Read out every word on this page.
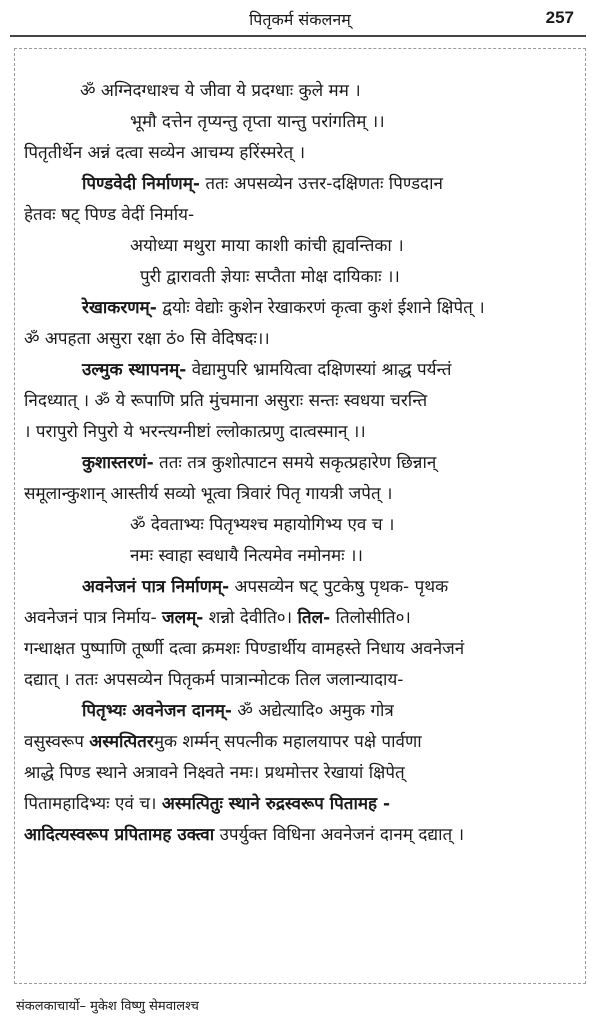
पितृकर्म संकलनम्	257

ॐ अग्निदग्धाश्च ये जीवा ये प्रदग्धाः कुले मम ।

भूमौ दत्तेन तृप्यन्तु तृप्ता यान्तु परांगतिम् ।।

पितृतीर्थेन अन्नं दत्वा सव्येन आचम्य हरिंस्मरेत् ।

पिण्डवेदी निर्माणम्- ततः अपसव्येन उत्तर-दक्षिणतः पिण्डदान

हेतवः षट् पिण्ड वेदीं निर्माय-

अयोध्या मथुरा माया काशी कांची ह्यवन्तिका ।

पुरी द्वारावती ज्ञेयाः सप्तैता मोक्ष दायिकाः ।।

रेखाकरणम्- द्वयोः वेद्योः कुशेन रेखाकरणं कृत्वा कुशं ईशाने क्षिपेत् ।

ॐ अपहता असुरा रक्षा ठं० सि वेदिषदः।।

उल्मुक स्थापनम्- वेद्यामुपरि भ्रामयित्वा दक्षिणस्यां श्राद्ध पर्यन्तं

निदध्यात् । ॐ ये रूपाणि प्रति मुंचमाना असुराः सन्तः स्वधया चरन्ति

। परापुरो निपुरो ये भरन्त्यग्नीष्टां ल्लोकात्प्रणु दात्वस्मान् ।।

कुशास्तरणं- ततः तत्र कुशोत्पाटन समये सकृत्प्रहारेण छिन्नान्

समूलान्कुशान् आस्तीर्य सव्यो भूत्वा त्रिवारं पितृ गायत्री जपेत् ।

ॐ देवताभ्यः पितृभ्यश्च महायोगिभ्य एव च ।

नमः स्वाहा स्वधायै नित्यमेव नमोनमः ।।

अवनेजनं पात्र निर्माणम्- अपसव्येन षट् पुटकेषु पृथक- पृथक

अवनेजनं पात्र निर्माय- जलम्- शन्नो देवीति०। तिल- तिलोसीति०।

गन्धाक्षत पुष्पाणि तूर्ष्णी दत्वा क्रमशः पिण्डार्थीय वामहस्ते निधाय अवनेजनं

दद्यात् । ततः अपसव्येन पितृकर्म पात्रान्मोटक तिल जलान्यादाय-

पितृभ्यः अवनेजन दानम्- ॐ अद्येत्यादि० अमुक गोत्र

वसुस्वरूप अस्मत्पितरमुक शर्म्मन् सपत्नीक महालयापर पक्षे पार्वणा

श्राद्धे पिण्ड स्थाने अत्रावने निक्ष्वते नमः। प्रथमोत्तर रेखायां क्षिपेत्

पितामहादिभ्यः एवं च। अस्मत्पितुः स्थाने रुद्रस्वरूप पितामह -

आदित्यस्वरूप प्रपितामह उक्त्वा उपर्युक्त विधिना अवनेजनं दानम् दद्यात् ।

संकलकाचार्यो– मुकेश विष्णु सेमवालश्च
